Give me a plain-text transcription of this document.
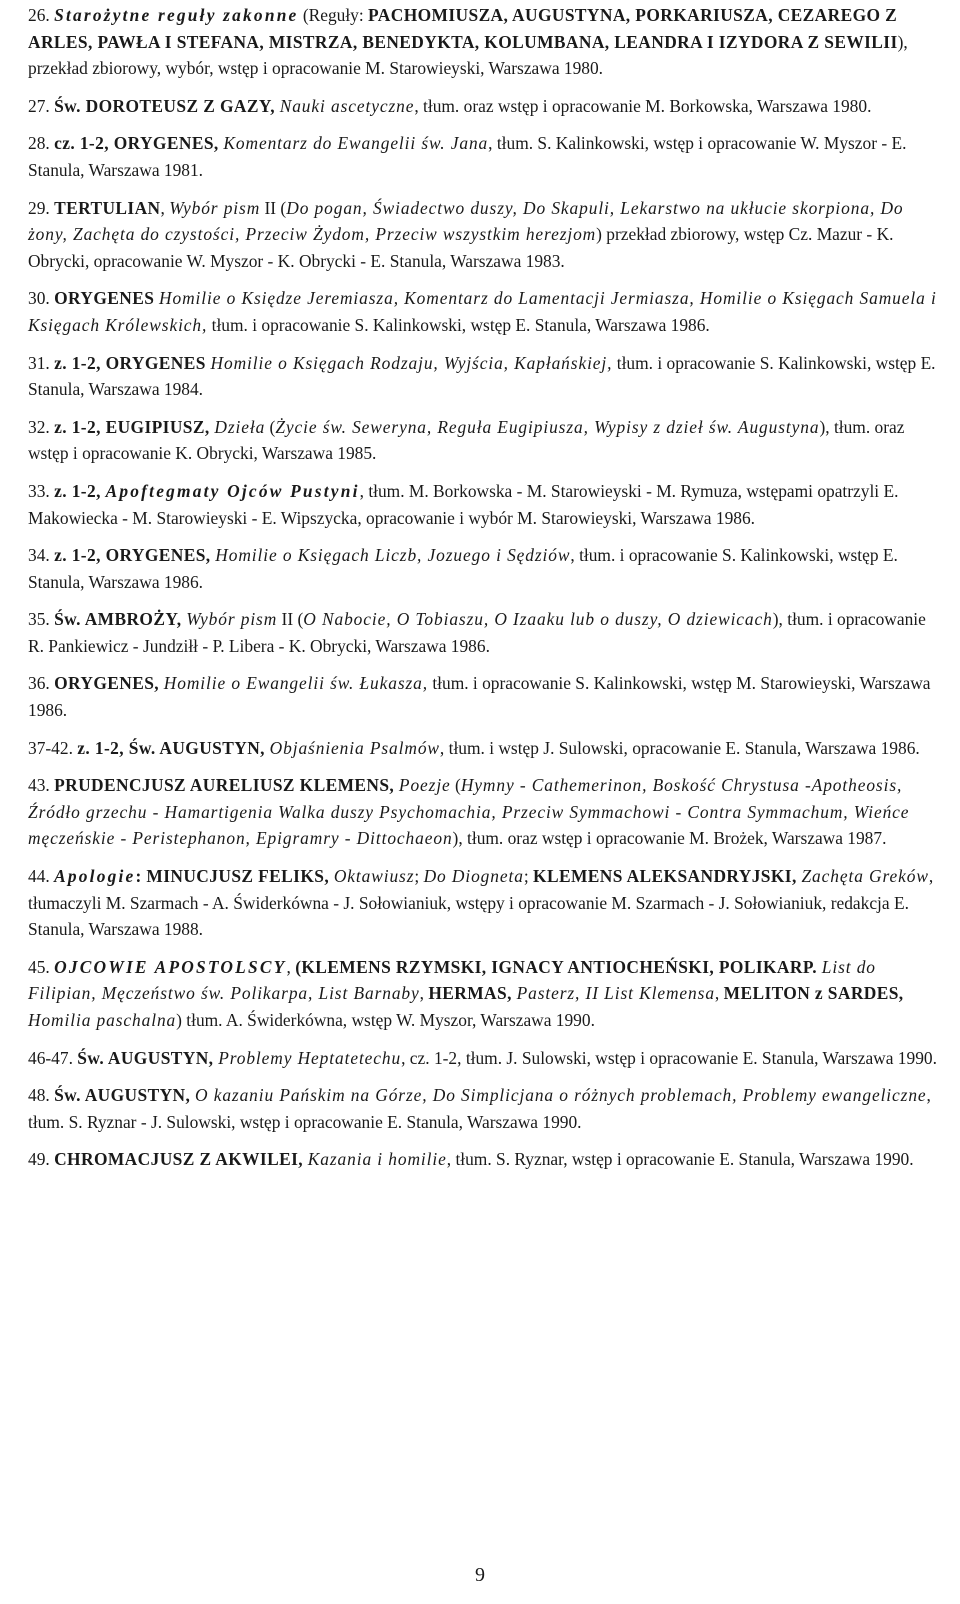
26. Starożytne reguły zakonne (Reguły: PACHOMIUSZA, AUGUSTYNA, PORKARIUSZA, CEZAREGO Z ARLES, PAWŁA I STEFANA, MISTRZA, BENEDYKTA, KOLUMBANA, LEANDRA I IZYDORA Z SEWILII), przekład zbiorowy, wybór, wstęp i opracowanie M. Starowieyski, Warszawa 1980.

27. Św. DOROTEUSZ Z GAZY, Nauki ascetyczne, tłum. oraz wstęp i opracowanie M. Borkowska, Warszawa 1980.

28. cz. 1-2, ORYGENES, Komentarz do Ewangelii św. Jana, tłum. S. Kalinkowski, wstęp i opracowanie W. Myszor - E. Stanula, Warszawa 1981.

29. TERTULIAN, Wybór pism II (Do pogan, Świadectwo duszy, Do Skapuli, Lekarstwo na ukłucie skorpiona, Do żony, Zachęta do czystości, Przeciw Żydom, Przeciw wszystkim herezjom) przekład zbiorowy, wstęp Cz. Mazur - K. Obrycki, opracowanie W. Myszor - K. Obrycki - E. Stanula, Warszawa 1983.

30. ORYGENES Homilie o Księdze Jeremiasza, Komentarz do Lamentacji Jermiasza, Homilie o Księgach Samuela i Księgach Królewskich, tłum. i opracowanie S. Kalinkowski, wstęp E. Stanula, Warszawa 1986.

31. z. 1-2, ORYGENES Homilie o Księgach Rodzaju, Wyjścia, Kapłańskiej, tłum. i opracowanie S. Kalinkowski, wstęp E. Stanula, Warszawa 1984.

32. z. 1-2, EUGIPIUSZ, Dzieła (Życie św. Seweryna, Reguła Eugipiusza, Wypisy z dzieł św. Augustyna), tłum. oraz wstęp i opracowanie K. Obrycki, Warszawa 1985.

33. z. 1-2, Apoftegmaty Ojców Pustyni, tłum. M. Borkowska - M. Starowieyski - M. Rymuza, wstępami opatrzyli E. Makowiecka - M. Starowieyski - E. Wipszycka, opracowanie i wybór M. Starowieyski, Warszawa 1986.

34. z. 1-2, ORYGENES, Homilie o Księgach Liczb, Jozuego i Sędziów, tłum. i opracowanie S. Kalinkowski, wstęp E. Stanula, Warszawa 1986.

35. Św. AMBROŻY, Wybór pism II (O Nabocie, O Tobiaszu, O Izaaku lub o duszy, O dziewicach), tłum. i opracowanie R. Pankiewicz - Jundziłł - P. Libera - K. Obrycki, Warszawa 1986.

36. ORYGENES, Homilie o Ewangelii św. Łukasza, tłum. i opracowanie S. Kalinkowski, wstęp M. Starowieyski, Warszawa 1986.

37-42. z. 1-2, Św. AUGUSTYN, Objaśnienia Psalmów, tłum. i wstęp J. Sulowski, opracowanie E. Stanula, Warszawa 1986.

43. PRUDENCJUSZ AURELIUSZ KLEMENS, Poezje (Hymny - Cathemerinon, Boskość Chrystusa -Apotheosis, Źródło grzechu - Hamartigenia Walka duszy Psychomachia, Przeciw Symmachowi - Contra Symmachum, Wieńce męczeńskie - Peristephanon, Epigramry - Dittochaeon), tłum. oraz wstęp i opracowanie M. Brożek, Warszawa 1987.

44. Apologie: MINUCJUSZ FELIKS, Oktawiusz; Do Diogneta; KLEMENS ALEKSANDRYJSKI, Zachęta Greków, tłumaczyli M. Szarmach - A. Świderkówna - J. Sołowianiuk, wstępy i opracowanie M. Szarmach - J. Sołowianiuk, redakcja E. Stanula, Warszawa 1988.

45. OJCOWIE APOSTOLSCY, (KLEMENS RZYMSKI, IGNACY ANTIOCHEŃSKI, POLIKARP. List do Filipian, Męczeństwo św. Polikarpa, List Barnaby, HERMAS, Pasterz, II List Klemensa, MELITON z SARDES, Homilia paschalna) tłum. A. Świderkówna, wstęp W. Myszor, Warszawa 1990.

46-47. Św. AUGUSTYN, Problemy Heptatetechu, cz. 1-2, tłum. J. Sulowski, wstęp i opracowanie E. Stanula, Warszawa 1990.

48. Św. AUGUSTYN, O kazaniu Pańskim na Górze, Do Simplicjana o różnych problemach, Problemy ewangeliczne, tłum. S. Ryznar - J. Sulowski, wstęp i opracowanie E. Stanula, Warszawa 1990.

49. CHROMACJUSZ Z AKWILEI, Kazania i homilie, tłum. S. Ryznar, wstęp i opracowanie E. Stanula, Warszawa 1990.

9
